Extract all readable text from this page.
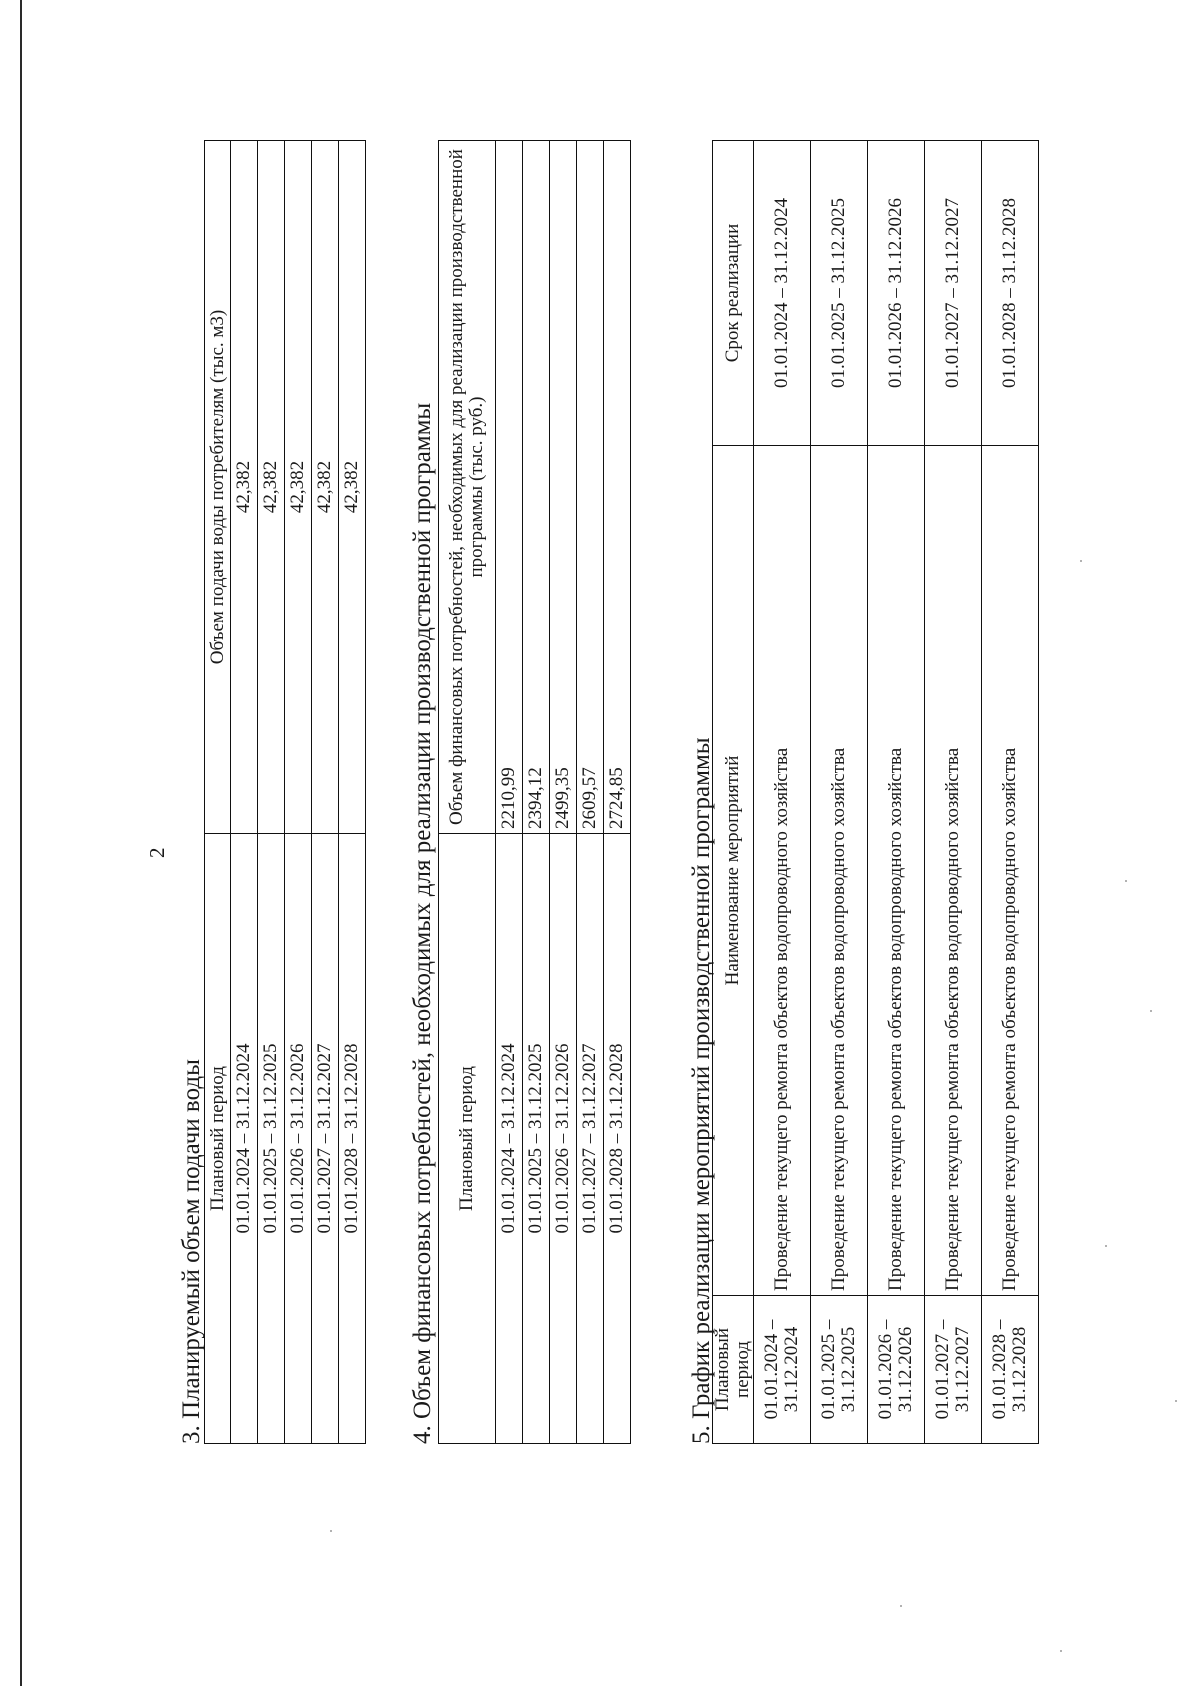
2
3. Планируемый объем подачи воды Плановый период	Объем подачи воды потребителям (тыс. м3)
01.01.2024 – 31.12.2024	42,382
01.01.2025 – 31.12.2025	42,382
01.01.2026 – 31.12.2026	42,382
01.01.2027 – 31.12.2027	42,382
01.01.2028 – 31.12.2028	42,382 4. Объем финансовых потребностей, необходимых для реализации производственной программы Плановый период	Объем финансовых потребностей, необходимых для реализации производственной программы (тыс. руб.)
01.01.2024 – 31.12.2024	2210,99
01.01.2025 – 31.12.2025	2394,12
01.01.2026 – 31.12.2026	2499,35
01.01.2027 – 31.12.2027	2609,57
01.01.2028 – 31.12.2028	2724,85 5. График реализации мероприятий производственной программы
Плановый период	Наименование мероприятий	Срок реализации
01.01.2024 – 31.12.2024	Проведение текущего ремонта объектов водопроводного хозяйства	01.01.2024 – 31.12.2024
01.01.2025 – 31.12.2025	Проведение текущего ремонта объектов водопроводного хозяйства	01.01.2025 – 31.12.2025
01.01.2026 – 31.12.2026	Проведение текущего ремонта объектов водопроводного хозяйства	01.01.2026 – 31.12.2026
01.01.2027 – 31.12.2027	Проведение текущего ремонта объектов водопроводного хозяйства	01.01.2027 – 31.12.2027
01.01.2028 – 31.12.2028	Проведение текущего ремонта объектов водопроводного хозяйства	01.01.2028 – 31.12.2028
